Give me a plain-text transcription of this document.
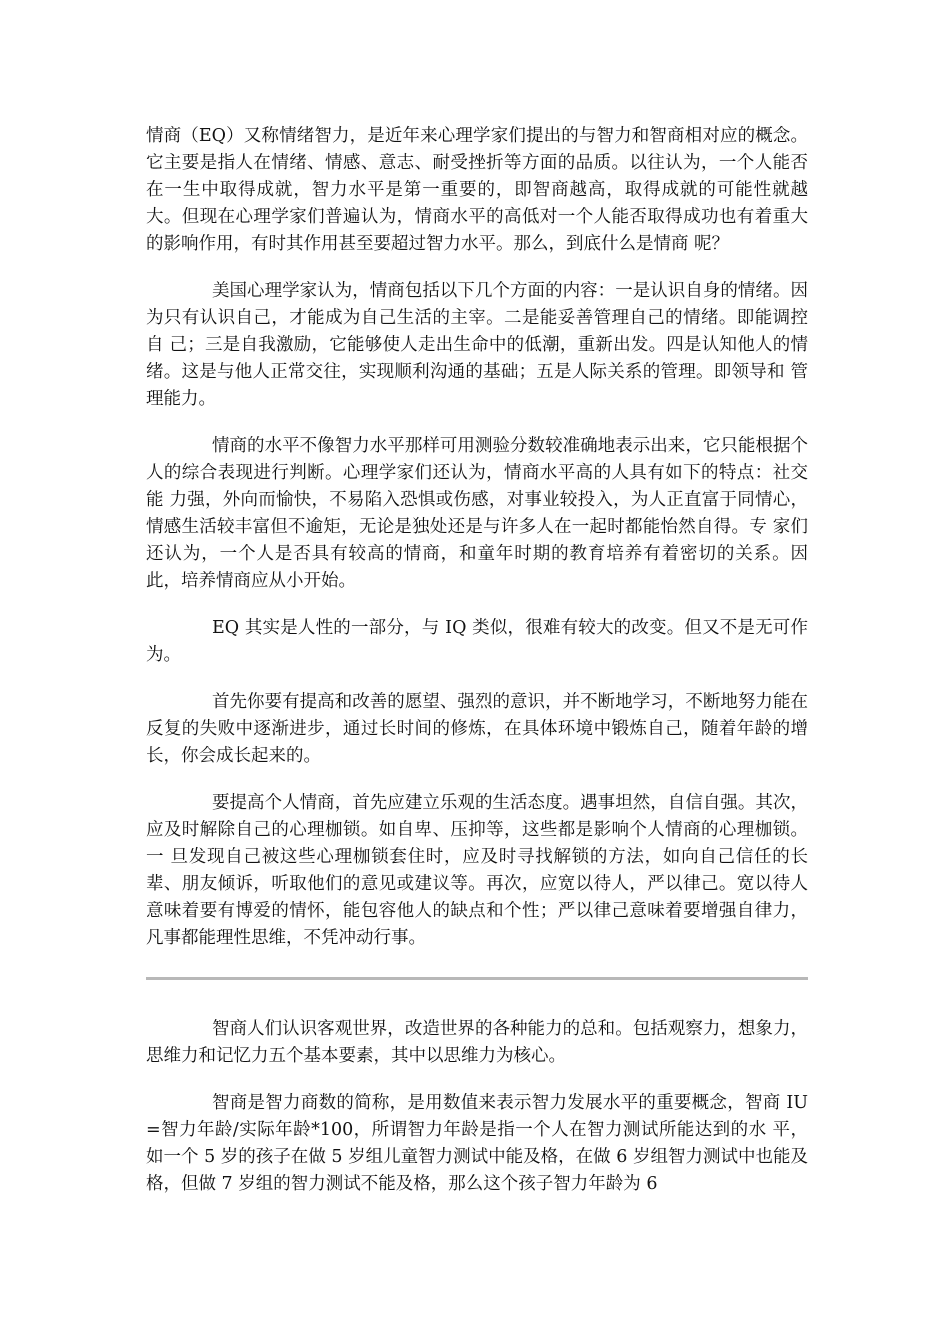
情商（EQ）又称情绪智力，是近年来心理学家们提出的与智力和智商相对应的概念。它主要是指人在情绪、情感、意志、耐受挫折等方面的品质。以往认为，一个人能否在一生中取得成就，智力水平是第一重要的，即智商越高，取得成就的可能性就越大。但现在心理学家们普遍认为，情商水平的高低对一个人能否取得成功也有着重大的影响作用，有时其作用甚至要超过智力水平。那么，到底什么是情商 呢？

美国心理学家认为，情商包括以下几个方面的内容：一是认识自身的情绪。因为只有认识自己，才能成为自己生活的主宰。二是能妥善管理自己的情绪。即能调控自 己；三是自我激励，它能够使人走出生命中的低潮，重新出发。四是认知他人的情绪。这是与他人正常交往，实现顺利沟通的基础；五是人际关系的管理。即领导和 管理能力。

情商的水平不像智力水平那样可用测验分数较准确地表示出来，它只能根据个人的综合表现进行判断。心理学家们还认为，情商水平高的人具有如下的特点：社交能 力强，外向而愉快，不易陷入恐惧或伤感，对事业较投入，为人正直富于同情心，情感生活较丰富但不逾矩，无论是独处还是与许多人在一起时都能怡然自得。专 家们还认为，一个人是否具有较高的情商，和童年时期的教育培养有着密切的关系。因此，培养情商应从小开始。

EQ 其实是人性的一部分，与 IQ 类似，很难有较大的改变。但又不是无可作为。

首先你要有提高和改善的愿望、强烈的意识，并不断地学习，不断地努力能在反复的失败中逐渐进步，通过长时间的修炼，在具体环境中锻炼自己，随着年龄的增长，你会成长起来的。

要提高个人情商，首先应建立乐观的生活态度。遇事坦然，自信自强。其次，应及时解除自己的心理枷锁。如自卑、压抑等，这些都是影响个人情商的心理枷锁。一 旦发现自己被这些心理枷锁套住时，应及时寻找解锁的方法，如向自己信任的长辈、朋友倾诉，听取他们的意见或建议等。再次，应宽以待人，严以律己。宽以待人 意味着要有博爱的情怀，能包容他人的缺点和个性；严以律己意味着要增强自律力，凡事都能理性思维，不凭冲动行事。

智商人们认识客观世界，改造世界的各种能力的总和。包括观察力，想象力，思维力和记忆力五个基本要素，其中以思维力为核心。

智商是智力商数的简称，是用数值来表示智力发展水平的重要概念，智商 IU=智力年龄/实际年龄*100，所谓智力年龄是指一个人在智力测试所能达到的水 平，如一个 5 岁的孩子在做 5 岁组儿童智力测试中能及格，在做 6 岁组智力测试中也能及格，但做 7 岁组的智力测试不能及格，那么这个孩子智力年龄为 6
